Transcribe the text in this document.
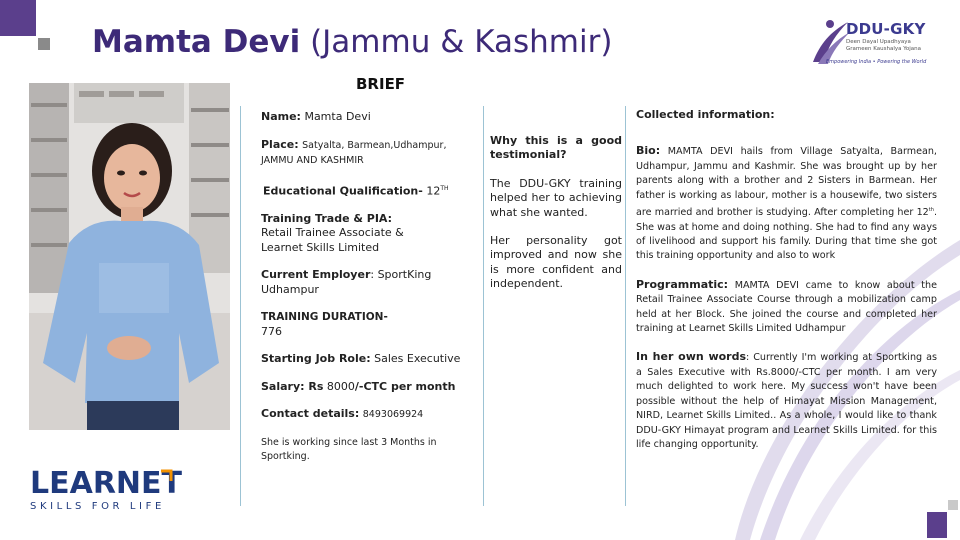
Mamta Devi (Jammu & Kashmir)	DDU-GKY
Deen Dayal Upadhyaya Grameen Kaushalya Yojana
Empowering India • Powering the World
LEARNET
SKILLS FOR LIFE
BRIEF
Name: Mamta Devi
Place: Satyalta, Barmean,Udhampur, JAMMU AND KASHMIR
Educational Qualification- 12TH
Training Trade & PIA:
Retail Trainee Associate & Learnet Skills Limited
Current Employer: SportKing Udhampur
TRAINING DURATION-
776
Starting Job Role: Sales Executive
Salary: Rs 8000/-CTC per month
Contact details: 8493069924
She is working since last 3 Months in Sportking.

Why this is a good testimonial?

The DDU-GKY training helped her to achieving what she wanted.

Her personality got improved and now she is more confident and independent.

Collected information:

Bio: MAMTA DEVI hails from Village Satyalta, Barmean, Udhampur, Jammu and Kashmir. She was brought up by her parents along with a brother and 2 Sisters in Barmean. Her father is working as labour, mother is a housewife, two sisters are married and brother is studying. After completing her 12th. She was at home and doing nothing. She had to find any ways of livelihood and support his family. During that time she got this training opportunity and also to work

Programmatic: MAMTA DEVI came to know about the Retail Trainee Associate Course through a mobilization camp held at her Block. She joined the course and completed her training at Learnet Skills Limited Udhampur

In her own words: Currently I'm working at Sportking as a Sales Executive with Rs.8000/-CTC per month. I am very much delighted to work here. My success won't have been possible without the help of Himayat Mission Management, NIRD, Learnet Skills Limited.. As a whole, I would like to thank DDU-GKY Himayat program and Learnet Skills Limited. for this life changing opportunity.
